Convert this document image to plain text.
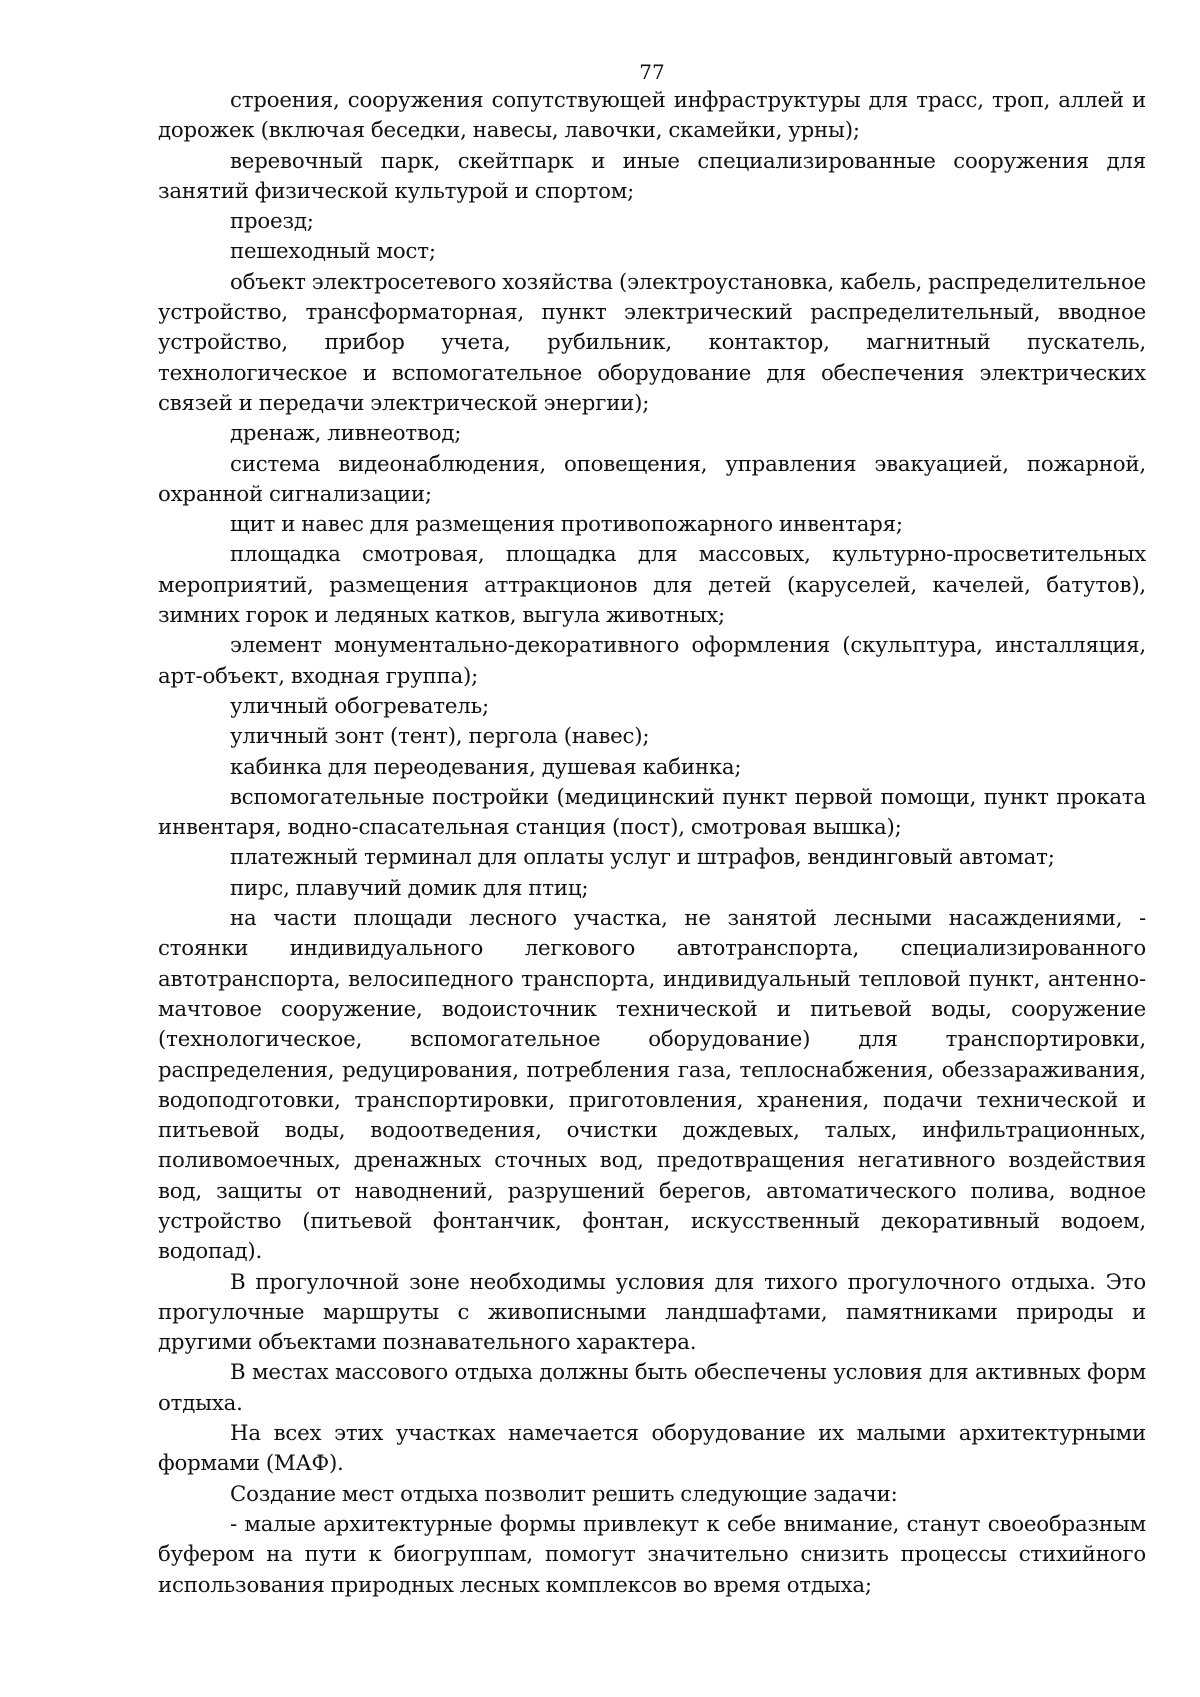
77

строения, сооружения сопутствующей инфраструктуры для трасс, троп, аллей и дорожек (включая беседки, навесы, лавочки, скамейки, урны);

веревочный парк, скейтпарк и иные специализированные сооружения для занятий физической культурой и спортом;

проезд;

пешеходный мост;

объект электросетевого хозяйства (электроустановка, кабель, распределительное устройство, трансформаторная, пункт электрический распределительный, вводное устройство, прибор учета, рубильник, контактор, магнитный пускатель, технологическое и вспомогательное оборудование для обеспечения электрических связей и передачи электрической энергии);

дренаж, ливнеотвод;

система видеонаблюдения, оповещения, управления эвакуацией, пожарной, охранной сигнализации;

щит и навес для размещения противопожарного инвентаря;

площадка смотровая, площадка для массовых, культурно-просветительных мероприятий, размещения аттракционов для детей (каруселей, качелей, батутов), зимних горок и ледяных катков, выгула животных;

элемент монументально-декоративного оформления (скульптура, инсталляция, арт-объект, входная группа);

уличный обогреватель;

уличный зонт (тент), пергола (навес);

кабинка для переодевания, душевая кабинка;

вспомогательные постройки (медицинский пункт первой помощи, пункт проката инвентаря, водно-спасательная станция (пост), смотровая вышка);

платежный терминал для оплаты услуг и штрафов, вендинговый автомат;

пирс, плавучий домик для птиц;

на части площади лесного участка, не занятой лесными насаждениями, - стоянки индивидуального легкового автотранспорта, специализированного автотранспорта, велосипедного транспорта, индивидуальный тепловой пункт, антенно-мачтовое сооружение, водоисточник технической и питьевой воды, сооружение (технологическое, вспомогательное оборудование) для транспортировки, распределения, редуцирования, потребления газа, теплоснабжения, обеззараживания, водоподготовки, транспортировки, приготовления, хранения, подачи технической и питьевой воды, водоотведения, очистки дождевых, талых, инфильтрационных, поливомоечных, дренажных сточных вод, предотвращения негативного воздействия вод, защиты от наводнений, разрушений берегов, автоматического полива, водное устройство (питьевой фонтанчик, фонтан, искусственный декоративный водоем, водопад).

В прогулочной зоне необходимы условия для тихого прогулочного отдыха. Это прогулочные маршруты с живописными ландшафтами, памятниками природы и другими объектами познавательного характера.

В местах массового отдыха должны быть обеспечены условия для активных форм отдыха.

На всех этих участках намечается оборудование их малыми архитектурными формами (МАФ).

Создание мест отдыха позволит решить следующие задачи:

- малые архитектурные формы привлекут к себе внимание, станут своеобразным буфером на пути к биогруппам, помогут значительно снизить процессы стихийного использования природных лесных комплексов во время отдыха;
